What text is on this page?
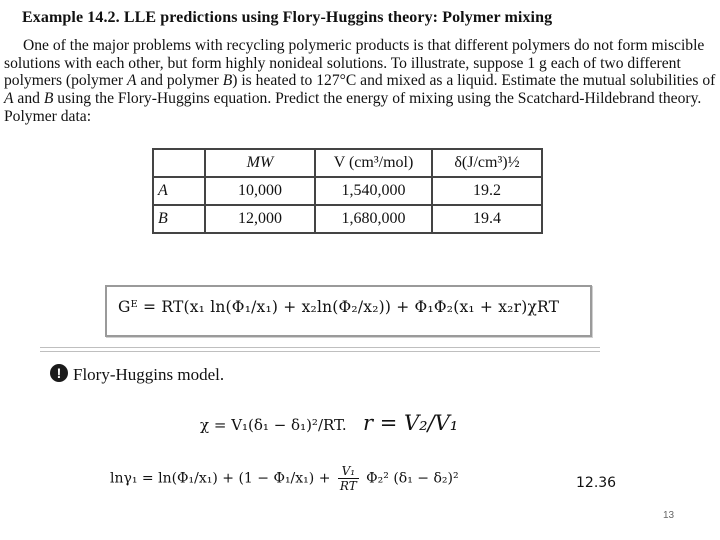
Example 14.2. LLE predictions using Flory-Huggins theory: Polymer mixing
One of the major problems with recycling polymeric products is that different polymers do not form miscible solutions with each other, but form highly nonideal solutions. To illustrate, suppose 1 g each of two different polymers (polymer A and polymer B) is heated to 127°C and mixed as a liquid. Estimate the mutual solubilities of A and B using the Flory-Huggins equation. Predict the energy of mixing using the Scatchard-Hildebrand theory. Polymer data:
	MW	V (cm³/mol)	δ(J/cm³)½
A	10,000	1,540,000	19.2
B	12,000	1,680,000	19.4
Gᴱ = RT(x₁ ln(Φ₁/x₁) + x₂ln(Φ₂/x₂)) + Φ₁Φ₂(x₁ + x₂r)χRT
! Flory-Huggins model.
χ = V₁(δ₁ − δ₁)²/RT. r = V₂/V₁
$\ln\gamma_1 = \ln(\Phi_1/x_1) + (1 - \Phi_1/x_1) + \frac{\text{V₁}}{RT} \Phi_2^2$ (δ₁ − δ₂)²	12.36
13
